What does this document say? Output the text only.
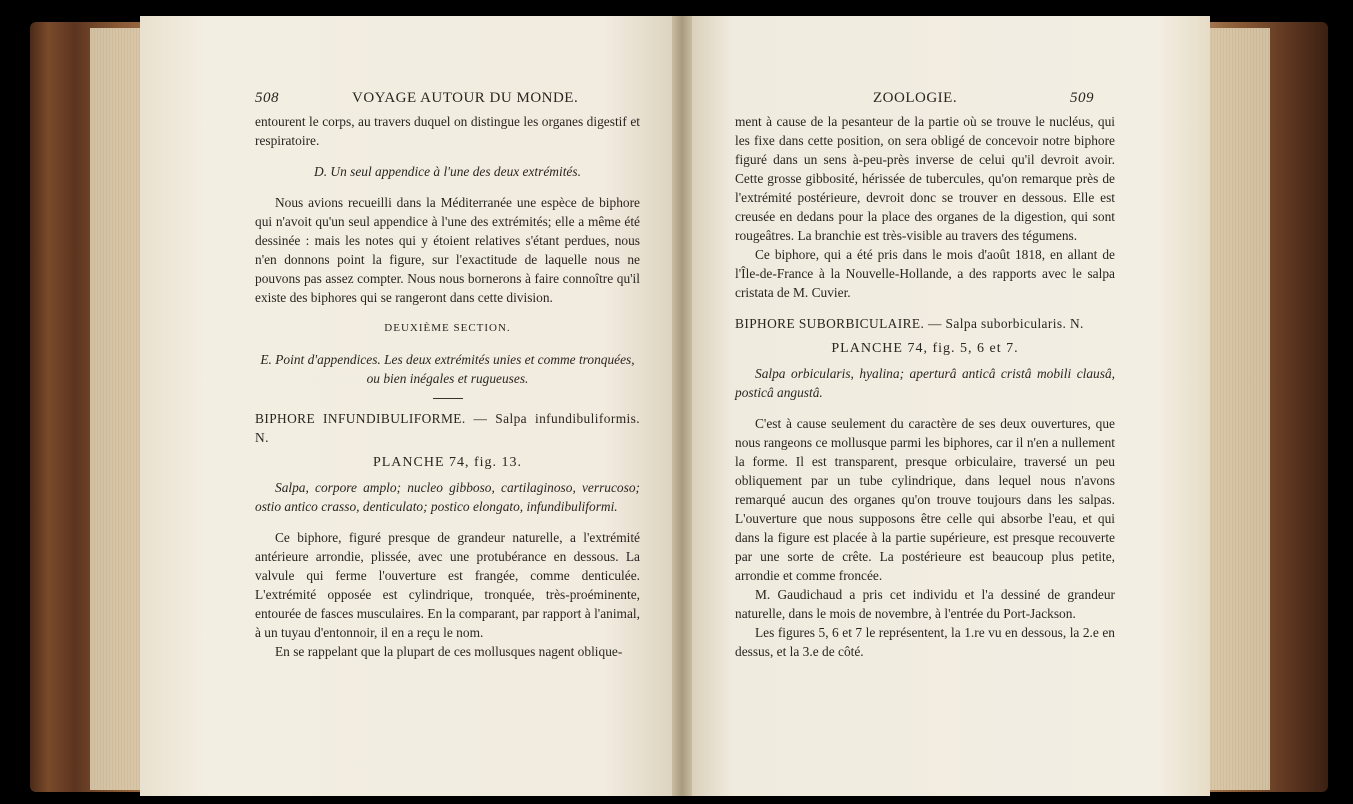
508	VOYAGE AUTOUR DU MONDE.	ZOOLOGIE.	509

entourent le corps, au travers duquel on distingue les organes digestif et respiratoire.

D. Un seul appendice à l'une des deux extrémités.

Nous avions recueilli dans la Méditerranée une espèce de biphore qui n'avoit qu'un seul appendice à l'une des extrémités; elle a même été dessinée : mais les notes qui y étoient relatives s'étant perdues, nous n'en donnons point la figure, sur l'exactitude de laquelle nous ne pouvons pas assez compter. Nous nous bornerons à faire connoître qu'il existe des biphores qui se rangeront dans cette division.

DEUXIÈME SECTION.

E. Point d'appendices. Les deux extrémités unies et comme tronquées, ou bien inégales et rugueuses.

BIPHORE INFUNDIBULIFORME. — Salpa infundibuliformis. N.

PLANCHE 74, fig. 13.

Salpa, corpore amplo; nucleo gibboso, cartilaginoso, verrucoso; ostio antico crasso, denticulato; postico elongato, infundibuliformi.

Ce biphore, figuré presque de grandeur naturelle, a l'extrémité antérieure arrondie, plissée, avec une protubérance en dessous. La valvule qui ferme l'ouverture est frangée, comme denticulée. L'extrémité opposée est cylindrique, tronquée, très-proéminente, entourée de fasces musculaires. En la comparant, par rapport à l'animal, à un tuyau d'entonnoir, il en a reçu le nom.

En se rappelant que la plupart de ces mollusques nagent oblique-

ment à cause de la pesanteur de la partie où se trouve le nucléus, qui les fixe dans cette position, on sera obligé de concevoir notre biphore figuré dans un sens à-peu-près inverse de celui qu'il devroit avoir. Cette grosse gibbosité, hérissée de tubercules, qu'on remarque près de l'extrémité postérieure, devroit donc se trouver en dessous. Elle est creusée en dedans pour la place des organes de la digestion, qui sont rougeâtres. La branchie est très-visible au travers des tégumens.

Ce biphore, qui a été pris dans le mois d'août 1818, en allant de l'Île-de-France à la Nouvelle-Hollande, a des rapports avec le salpa cristata de M. Cuvier.

BIPHORE SUBORBICULAIRE. — Salpa suborbicularis. N.

PLANCHE 74, fig. 5, 6 et 7.

Salpa orbicularis, hyalina; aperturâ anticâ cristâ mobili clausâ, posticâ angustâ.

C'est à cause seulement du caractère de ses deux ouvertures, que nous rangeons ce mollusque parmi les biphores, car il n'en a nullement la forme. Il est transparent, presque orbiculaire, traversé un peu obliquement par un tube cylindrique, dans lequel nous n'avons remarqué aucun des organes qu'on trouve toujours dans les salpas. L'ouverture que nous supposons être celle qui absorbe l'eau, et qui dans la figure est placée à la partie supérieure, est presque recouverte par une sorte de crête. La postérieure est beaucoup plus petite, arrondie et comme froncée.

M. Gaudichaud a pris cet individu et l'a dessiné de grandeur naturelle, dans le mois de novembre, à l'entrée du Port-Jackson.

Les figures 5, 6 et 7 le représentent, la 1.re vu en dessous, la 2.e en dessus, et la 3.e de côté.
